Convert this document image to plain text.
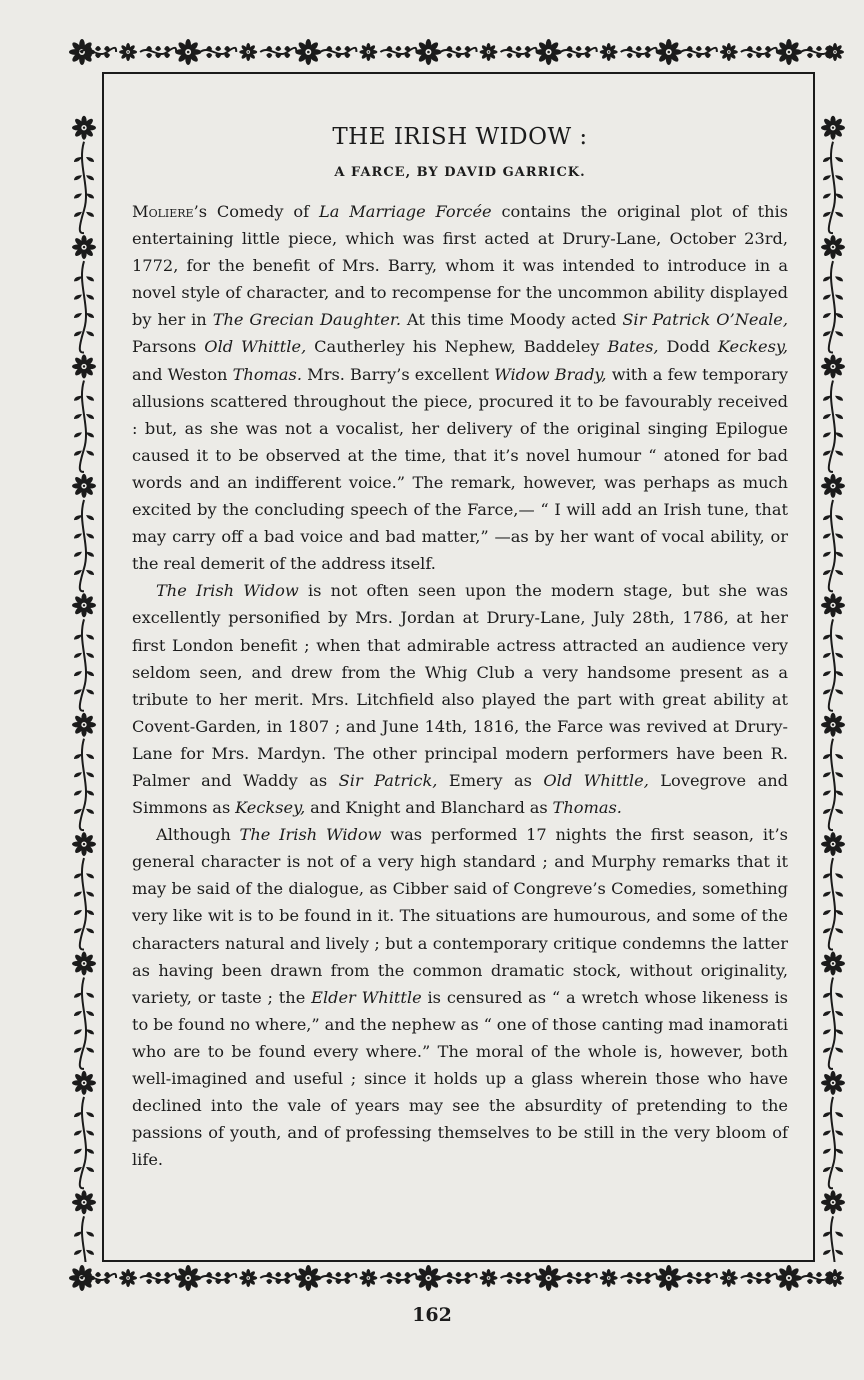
THE IRISH WIDOW :
A FARCE, BY DAVID GARRICK.

Moliere’s Comedy of La Marriage Forcée contains the original plot of this entertaining little piece, which was first acted at Drury-Lane, October 23rd, 1772, for the benefit of Mrs. Barry, whom it was intended to introduce in a novel style of character, and to recompense for the uncommon ability displayed by her in The Grecian Daughter. At this time Moody acted Sir Patrick O’Neale, Parsons Old Whittle, Cautherley his Nephew, Baddeley Bates, Dodd Keckesy, and Weston Thomas. Mrs. Barry’s excellent Widow Brady, with a few temporary allusions scattered throughout the piece, procured it to be favourably received : but, as she was not a vocalist, her delivery of the original singing Epilogue caused it to be observed at the time, that it’s novel humour “ atoned for bad words and an indifferent voice.” The remark, however, was perhaps as much excited by the concluding speech of the Farce,— “ I will add an Irish tune, that may carry off a bad voice and bad matter,” —as by her want of vocal ability, or the real demerit of the address itself.

The Irish Widow is not often seen upon the modern stage, but she was excellently personified by Mrs. Jordan at Drury-Lane, July 28th, 1786, at her first London benefit ; when that admirable actress attracted an audience very seldom seen, and drew from the Whig Club a very handsome present as a tribute to her merit. Mrs. Litchfield also played the part with great ability at Covent-Garden, in 1807 ; and June 14th, 1816, the Farce was revived at Drury-Lane for Mrs. Mardyn. The other principal modern performers have been R. Palmer and Waddy as Sir Patrick, Emery as Old Whittle, Lovegrove and Simmons as Kecksey, and Knight and Blanchard as Thomas.

Although The Irish Widow was performed 17 nights the first season, it’s general character is not of a very high standard ; and Murphy remarks that it may be said of the dialogue, as Cibber said of Congreve’s Comedies, something very like wit is to be found in it. The situations are humourous, and some of the characters natural and lively ; but a contemporary critique condemns the latter as having been drawn from the common dramatic stock, without originality, variety, or taste ; the Elder Whittle is censured as “ a wretch whose likeness is to be found no where,” and the nephew as “ one of those canting mad inamorati who are to be found every where.” The moral of the whole is, however, both well-imagined and useful ; since it holds up a glass wherein those who have declined into the vale of years may see the absurdity of pretending to the passions of youth, and of professing themselves to be still in the very bloom of life.

162
